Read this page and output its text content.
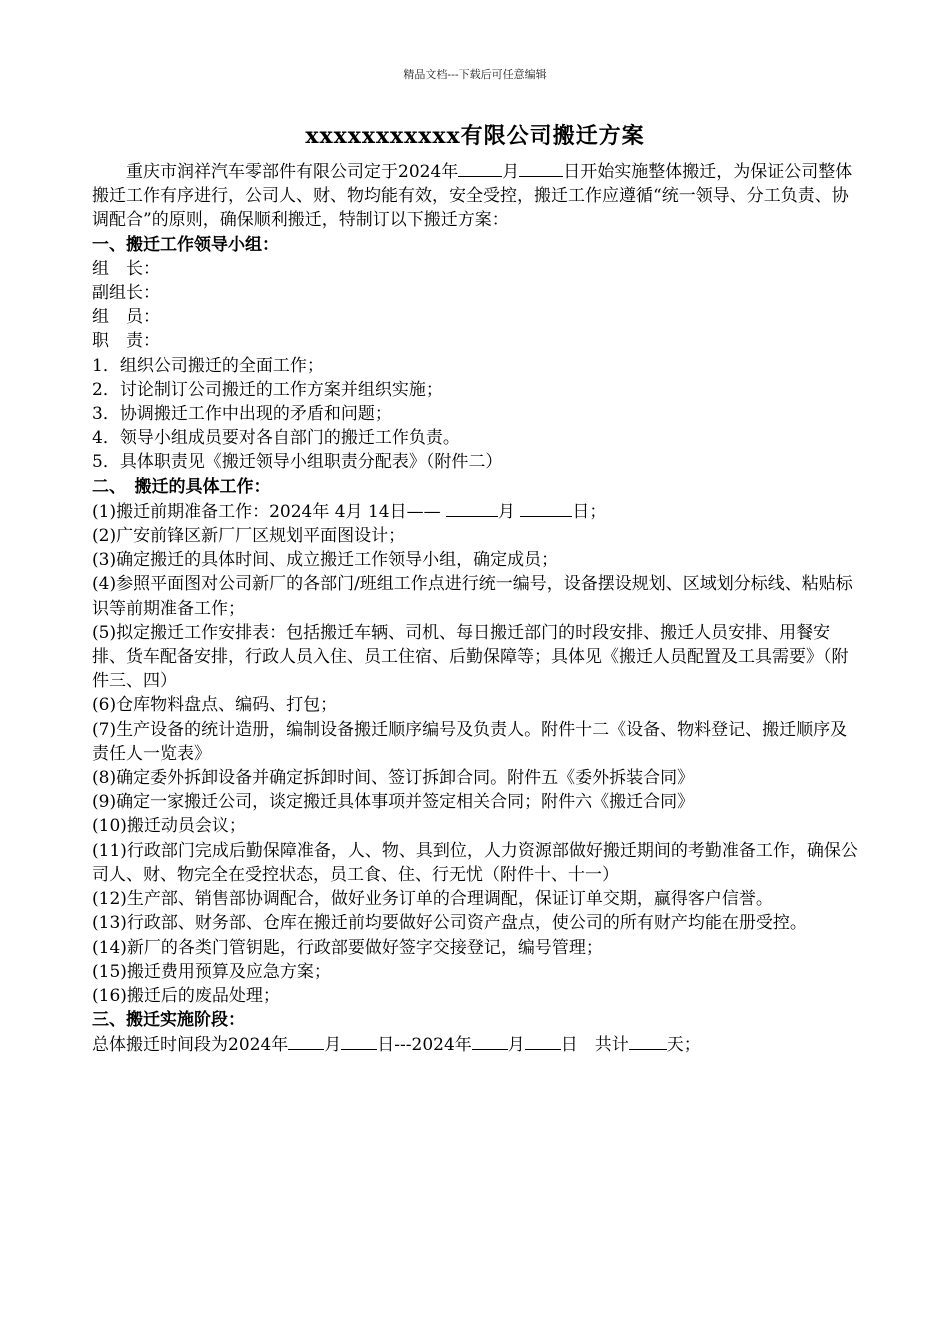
精品文档---下载后可任意编辑
xxxxxxxxxxx有限公司搬迁方案

重庆市润祥汽车零部件有限公司定于2024年	月	日开始实施整体搬迁，为保证公司整体搬迁工作有序进行，公司人、财、物均能有效，安全受控，搬迁工作应遵循“统一领导、分工负责、协调配合”的原则，确保顺利搬迁，特制订以下搬迁方案：

一、搬迁工作领导小组：

组　长：

副组长：

组　员：

职　责：

1．组织公司搬迁的全面工作；

2．讨论制订公司搬迁的工作方案并组织实施；

3．协调搬迁工作中出现的矛盾和问题；

4．领导小组成员要对各自部门的搬迁工作负责。

5．具体职责见《搬迁领导小组职责分配表》（附件二）

二、　搬迁的具体工作：

(1)搬迁前期准备工作：2024年 4月 14日——	月	日；

(2)广安前锋区新厂厂区规划平面图设计；

(3)确定搬迁的具体时间、成立搬迁工作领导小组，确定成员；

(4)参照平面图对公司新厂的各部门/班组工作点进行统一编号，设备摆设规划、区域划分标线、粘贴标识等前期准备工作；

(5)拟定搬迁工作安排表：包括搬迁车辆、司机、每日搬迁部门的时段安排、搬迁人员安排、用餐安排、货车配备安排，行政人员入住、员工住宿、后勤保障等；具体见《搬迁人员配置及工具需要》（附件三、四）

(6)仓库物料盘点、编码、打包；

(7)生产设备的统计造册，编制设备搬迁顺序编号及负责人。附件十二《设备、物料登记、搬迁顺序及责任人一览表》

(8)确定委外拆卸设备并确定拆卸时间、签订拆卸合同。附件五《委外拆装合同》

(9)确定一家搬迁公司，谈定搬迁具体事项并签定相关合同；附件六《搬迁合同》

(10)搬迁动员会议；

(11)行政部门完成后勤保障准备，人、物、具到位，人力资源部做好搬迁期间的考勤准备工作，确保公司人、财、物完全在受控状态，员工食、住、行无忧（附件十、十一）

(12)生产部、销售部协调配合，做好业务订单的合理调配，保证订单交期，赢得客户信誉。

(13)行政部、财务部、仓库在搬迁前均要做好公司资产盘点，使公司的所有财产均能在册受控。

(14)新厂的各类门管钥匙，行政部要做好签字交接登记，编号管理；

(15)搬迁费用预算及应急方案；

(16)搬迁后的废品处理；

三、搬迁实施阶段：

总体搬迁时间段为2024年 月 日---2024年 月 日　共计 天；
